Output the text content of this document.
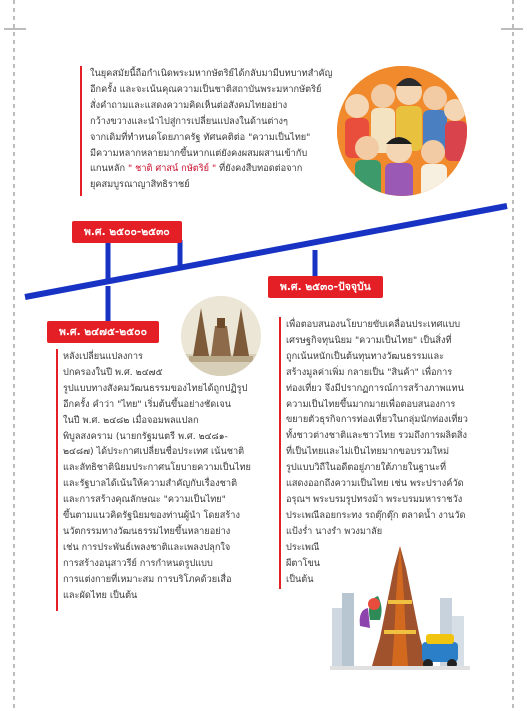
ในยุคสมัยนี้ถือกำเนิดพระมหากษัตริย์ได้กลับมามีบทบาทสำคัญ
อีกครั้ง และจะเน้นคุณความเป็นชาติสถาบันพระมหากษัตริย์
สั่งคำถามและแสดงความคิดเห็นต่อสังคมไทยอย่าง
กว้างขวางและนำไปสู่การเปลี่ยนแปลงในด้านต่างๆ
จากเดิมที่ทำหนดโดยภาครัฐ ทัศนคติต่อ "ความเป็นไทย"
มีความหลากหลายมากขึ้นหากแต่ยังคงผสมผสานเข้ากับ
แกนหลัก " ชาติ ศาสน์ กษัตริย์ " ที่ยังคงสืบทอดต่อจาก
ยุคสมบูรณาญาสิทธิราชย์
พ.ศ. ๒๕๐๐-๒๕๓๐
พ.ศ. ๒๕๓๐-ปัจจุบัน
พ.ศ. ๒๔๗๕-๒๕๐๐
หลังเปลี่ยนแปลงการ
ปกครองในปี พ.ศ. ๒๔๗๕
รูปแบบทางสังคมวัฒนธรรมของไทยได้ถูกปฏิรูป
อีกครั้ง คำว่า "ไทย" เริ่มต้นขึ้นอย่างชัดเจน
ในปี พ.ศ. ๒๔๘๒ เมื่อจอมพลแปลก
พิบูลสงคราม (นายกรัฐมนตรี พ.ศ. ๒๔๘๑-
๒๔๘๗) ได้ประกาศเปลี่ยนชื่อประเทศ เน้นชาติ
และลัทธิชาตินิยมประกาศนโยบายความเป็นไทย
และรัฐบาลได้เน้นให้ความสำคัญกับเรื่องชาติ
และการสร้างคุณลักษณะ "ความเป็นไทย"
ขึ้นตามแนวคิดรัฐนิยมของท่านผู้นำ โดยสร้าง
นวัตกรรมทางวัฒนธรรมไทยขึ้นหลายอย่าง
เช่น การประพันธ์เพลงชาติและเพลงปลุกใจ
การสร้างอนุสาวรีย์ การกำหนดรูปแบบ
การแต่งกายที่เหมาะสม การบริโภคด้วยเสื่อ
และผัดไทย เป็นต้น
เพื่อตอบสนองนโยบายขับเคลื่อนประเทศแบบ
เศรษฐกิจทุนนิยม "ความเป็นไทย" เป็นสิ่งที่
ถูกเน้นหนักเป็นต้นทุนทางวัฒนธรรมและ
สร้างมูลค่าเพิ่ม กลายเป็น "สินค้า" เพื่อการ
ท่องเที่ยว จึงมีปรากฏการณ์การสร้างภาพแทน
ความเป็นไทยขึ้นมากมายเพื่อตอบสนองการ
ขยายตัวธุรกิจการท่องเที่ยวในกลุ่มนักท่องเที่ยว
ทั้งชาวต่างชาติและชาวไทย รวมถึงการผลิตสิ่ง
ที่เป็นไทยและไม่เป็นไทยมากขอบรวมใหม่
รูปแบบวิถีในอดีตอยู่ภายใต้ภายในฐานะที่
แสดงออกถึงความเป็นไทย เช่น พระปรางค์วัด
อรุณฯ พระบรมรูปทรงม้า พระบรมมหาราชวัง
ประเพณีลอยกระทง รถตุ๊กตุ๊ก ตลาดน้ำ งานวัด
แป้งร่ำ นางรำ พวงมาลัย
ประเพณี
ผีตาโขน
เป็นต้น
